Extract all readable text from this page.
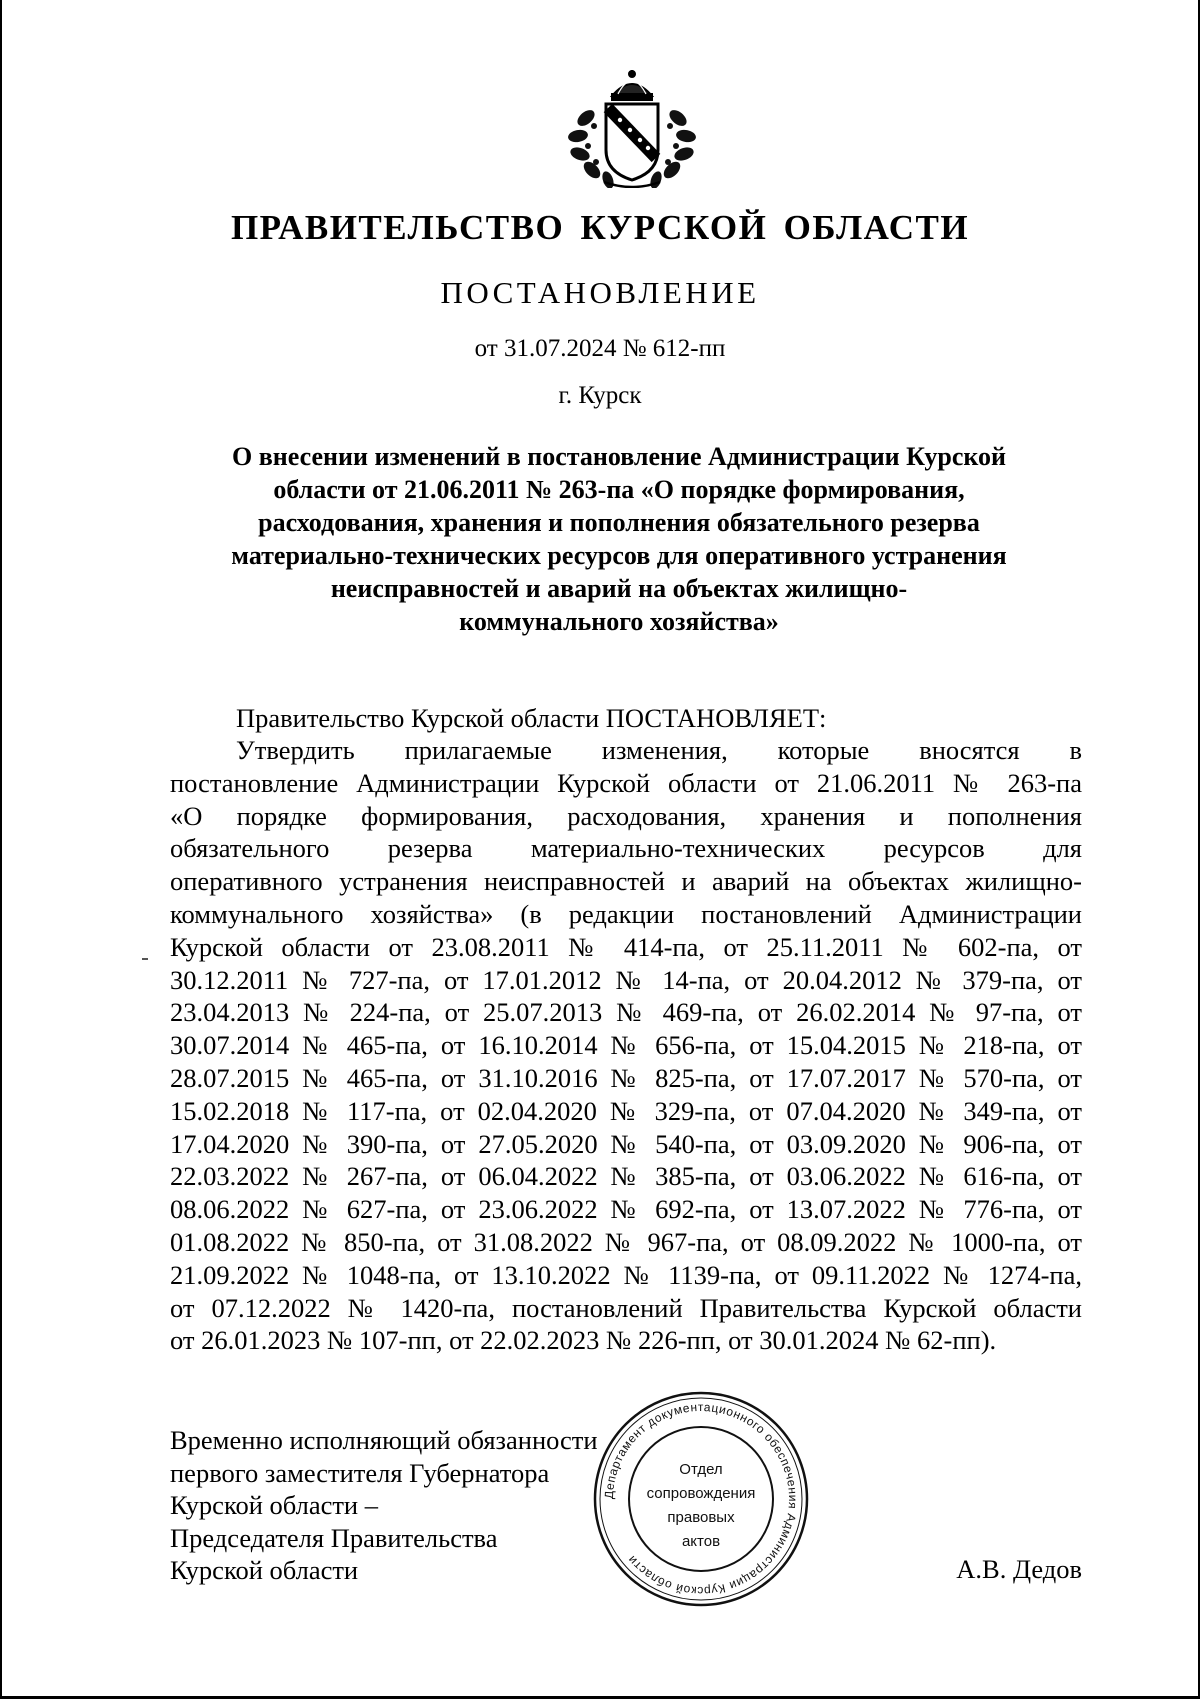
ПРАВИТЕЛЬСТВО КУРСКОЙ ОБЛАСТИ
ПОСТАНОВЛЕНИЕ
от 31.07.2024 № 612-пп
г. Курск
О внесении изменений в постановление Администрации Курской
области от 21.06.2011 № 263-па «О порядке формирования,
расходования, хранения и пополнения обязательного резерва
материально-технических ресурсов для оперативного устранения
неисправностей и аварий на объектах жилищно-
коммунального хозяйства»
Правительство Курской области ПОСТАНОВЛЯЕТ:
Утвердить прилагаемые изменения, которые вносятся в
постановление Администрации Курской области от 21.06.2011 № 263-па
«О порядке формирования, расходования, хранения и пополнения
обязательного резерва материально-технических ресурсов для
оперативного устранения неисправностей и аварий на объектах жилищно-
коммунального хозяйства» (в редакции постановлений Администрации
Курской области от 23.08.2011 № 414-па, от 25.11.2011 № 602-па, от
30.12.2011 № 727-па, от 17.01.2012 № 14-па, от 20.04.2012 № 379-па, от
23.04.2013 № 224-па, от 25.07.2013 № 469-па, от 26.02.2014 № 97-па, от
30.07.2014 № 465-па, от 16.10.2014 № 656-па, от 15.04.2015 № 218-па, от
28.07.2015 № 465-па, от 31.10.2016 № 825-па, от 17.07.2017 № 570-па, от
15.02.2018 № 117-па, от 02.04.2020 № 329-па, от 07.04.2020 № 349-па, от
17.04.2020 № 390-па, от 27.05.2020 № 540-па, от 03.09.2020 № 906-па, от
22.03.2022 № 267-па, от 06.04.2022 № 385-па, от 03.06.2022 № 616-па, от
08.06.2022 № 627-па, от 23.06.2022 № 692-па, от 13.07.2022 № 776-па, от
01.08.2022 № 850-па, от 31.08.2022 № 967-па, от 08.09.2022 № 1000-па, от
21.09.2022 № 1048-па, от 13.10.2022 № 1139-па, от 09.11.2022 № 1274-па,
от 07.12.2022 № 1420-па, постановлений Правительства Курской области
от 26.01.2023 № 107-пп, от 22.02.2023 № 226-пп, от 30.01.2024 № 62-пп).
Временно исполняющий обязанности
первого заместителя Губернатора
Курской области –
Председателя Правительства
Курской области
Департамент документационного обеспечения Администрации Курской области
Отдел
сопровождения
правовых
актов
А.В. Дедов
